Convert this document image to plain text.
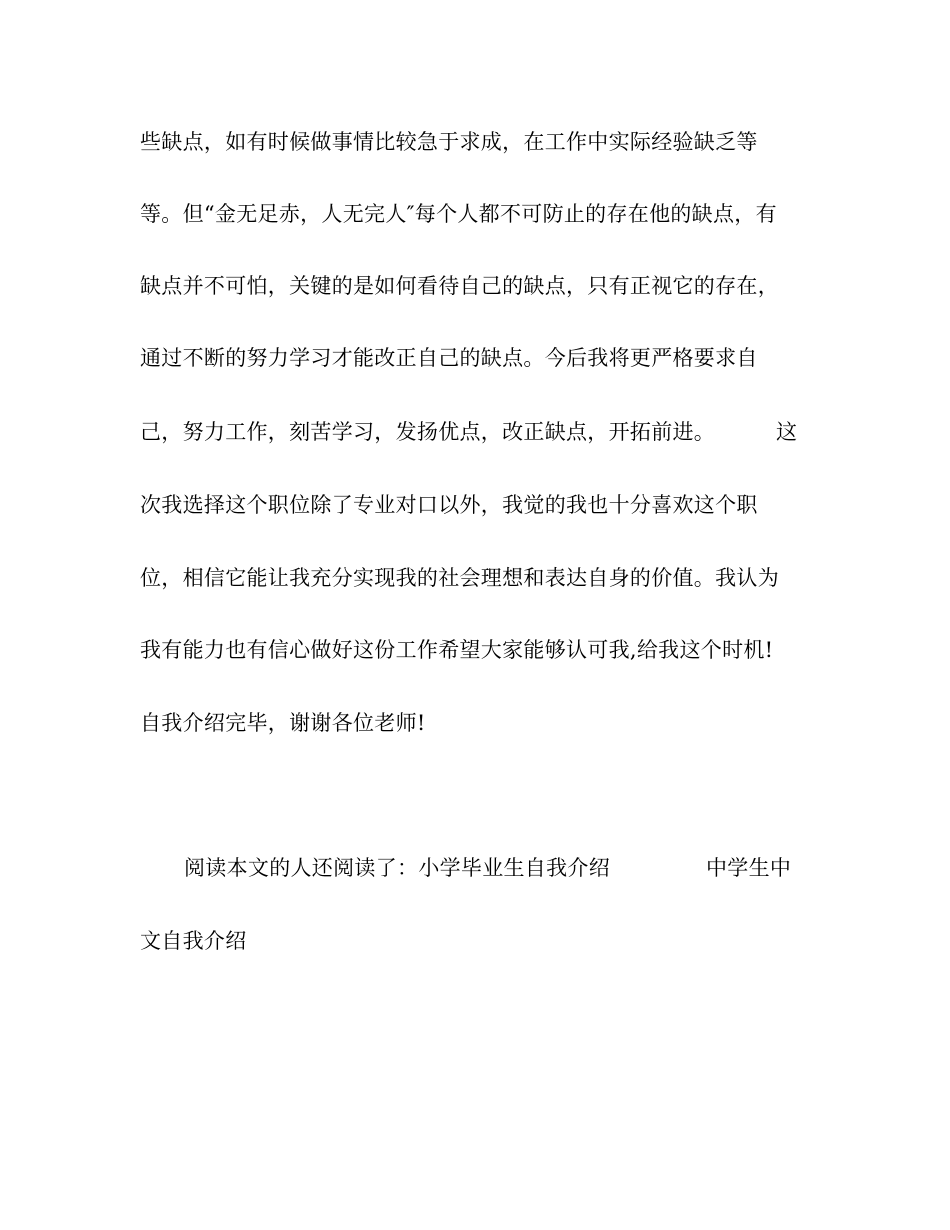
些缺点，如有时候做事情比较急于求成，在工作中实际经验缺乏等
等。但“金无足赤，人无完人″每个人都不可防止的存在他的缺点，有
缺点并不可怕，关键的是如何看待自己的缺点，只有正视它的存在，
通过不断的努力学习才能改正自己的缺点。今后我将更严格要求自
己，努力工作，刻苦学习，发扬优点，改正缺点，开拓前进。	这
次我选择这个职位除了专业对口以外，我觉的我也十分喜欢这个职
位，相信它能让我充分实现我的社会理想和表达自身的价值。我认为
我有能力也有信心做好这份工作希望大家能够认可我,给我这个时机!
自我介绍完毕，谢谢各位老师!
阅读本文的人还阅读了：小学毕业生自我介绍	中学生中
文自我介绍
